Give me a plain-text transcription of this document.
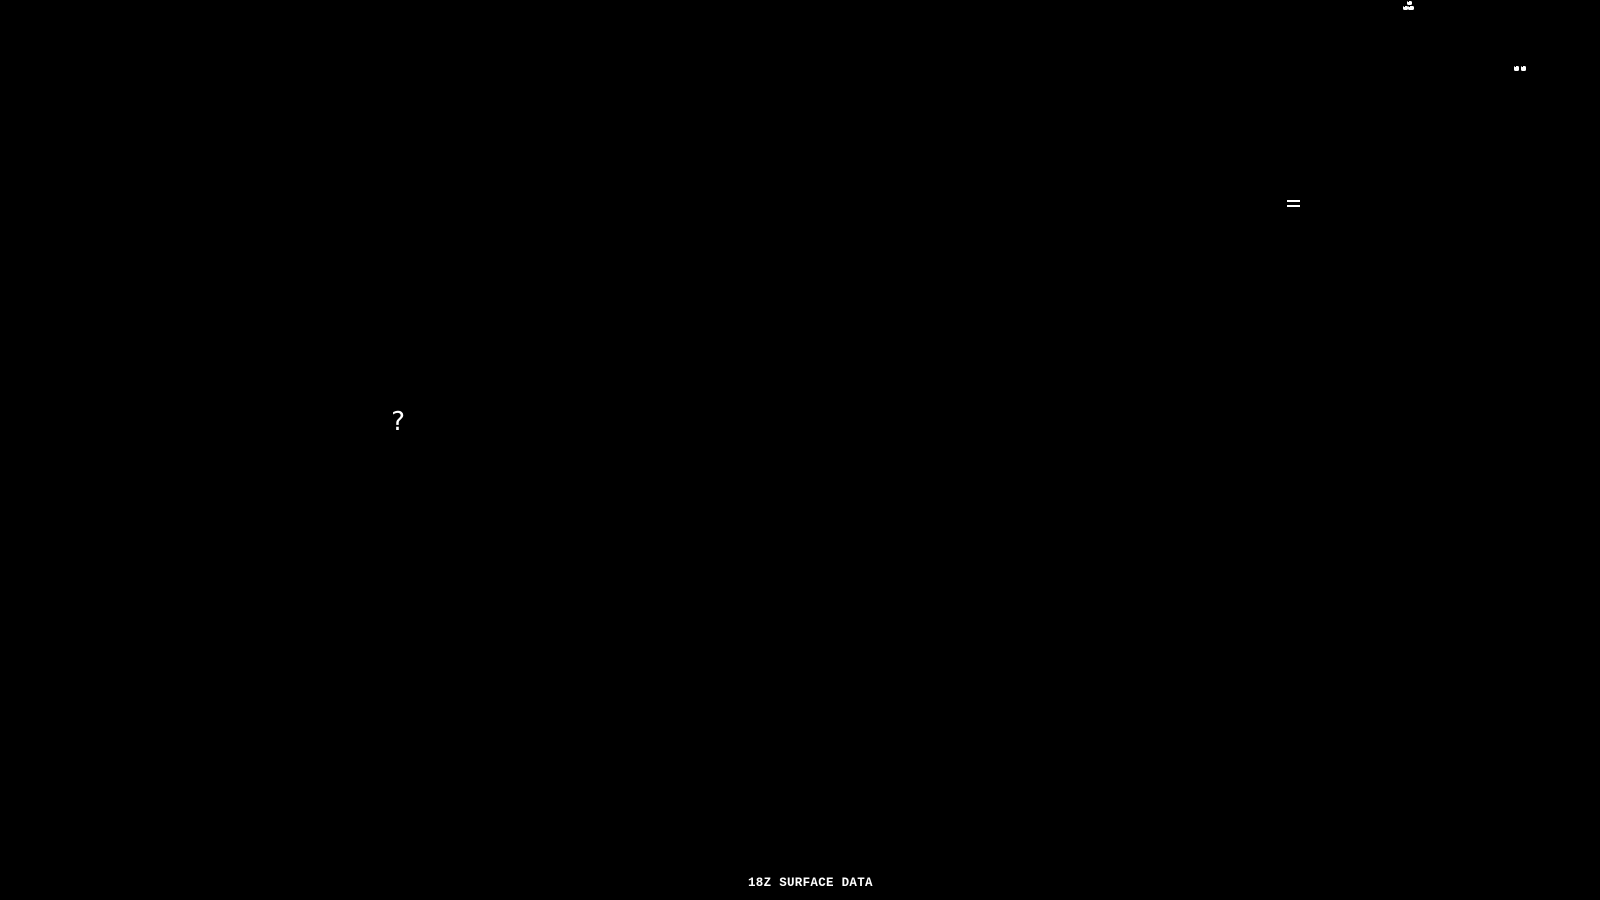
?
18Z SURFACE DATA
